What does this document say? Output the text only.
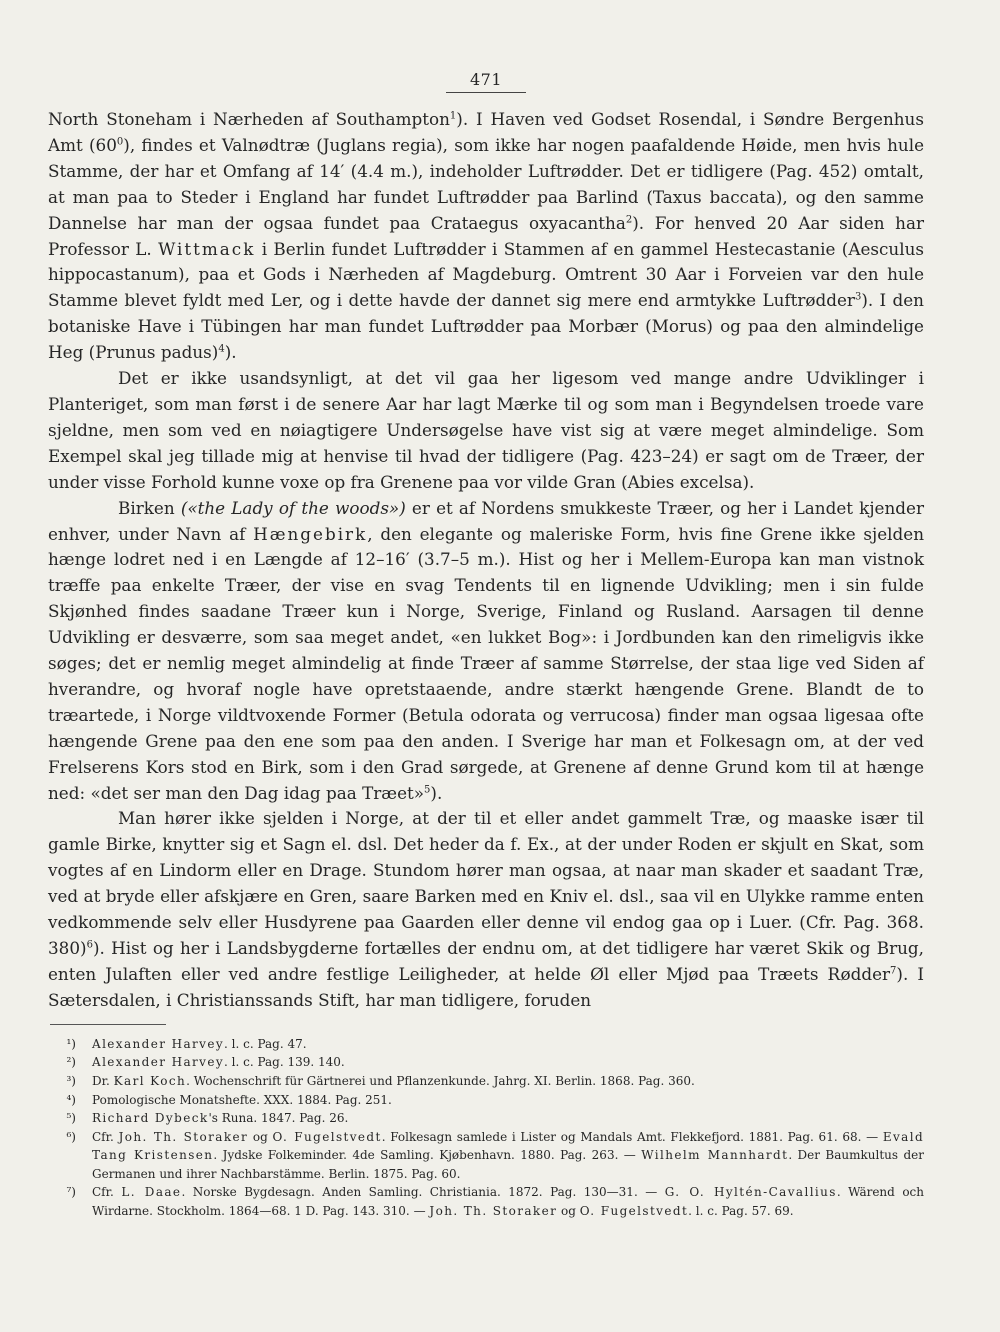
471

North Stoneham i Nærheden af Southampton$^1$). I Haven ved Godset Rosendal, i Søndre Bergenhus Amt $(60^0)$, findes et Valnødtræ (Juglans regia), som ikke har nogen paafaldende Høide, men hvis hule Stamme, der har et Omfang af 14′ (4.4 m.), indeholder Luftrødder. Det er tidligere (Pag. 452) omtalt, at man paa to Steder i England har fundet Luftrødder paa Barlind (Taxus baccata), og den samme Dannelse har man der ogsaa fundet paa Crataegus oxyacantha$^2$). For henved 20 Aar siden har Professor L. Wittmack i Berlin fundet Luftrødder i Stammen af en gammel Hestecastanie (Aesculus hippocastanum), paa et Gods i Nærheden af Magdeburg. Omtrent 30 Aar i Forveien var den hule Stamme blevet fyldt med Ler, og i dette havde der dannet sig mere end armtykke Luftrødder$^3$). I den botaniske Have i Tübingen har man fundet Luftrødder paa Morbær (Morus) og paa den almindelige Heg (Prunus padus)$^4$).

Det er ikke usandsynligt, at det vil gaa her ligesom ved mange andre Udviklinger i Planteriget, som man først i de senere Aar har lagt Mærke til og som man i Begyndelsen troede vare sjeldne, men som ved en nøiagtigere Undersøgelse have vist sig at være meget almindelige. Som Exempel skal jeg tillade mig at henvise til hvad der tidligere (Pag. 423–24) er sagt om de Træer, der under visse Forhold kunne voxe op fra Grenene paa vor vilde Gran (Abies excelsa).

Birken («the Lady of the woods») er et af Nordens smukkeste Træer, og her i Landet kjender enhver, under Navn af Hængebirk, den elegante og maleriske Form, hvis fine Grene ikke sjelden hænge lodret ned i en Længde af 12–16′ (3.7–5 m.). Hist og her i Mellem-Europa kan man vistnok træffe paa enkelte Træer, der vise en svag Tendents til en lignende Udvikling; men i sin fulde Skjønhed findes saadane Træer kun i Norge, Sverige, Finland og Rusland. Aarsagen til denne Udvikling er desværre, som saa meget andet, «en lukket Bog»: i Jordbunden kan den rimeligvis ikke søges; det er nemlig meget almindelig at finde Træer af samme Størrelse, der staa lige ved Siden af hverandre, og hvoraf nogle have opretstaaende, andre stærkt hængende Grene. Blandt de to træartede, i Norge vildtvoxende Former (Betula odorata og verrucosa) finder man ogsaa ligesaa ofte hængende Grene paa den ene som paa den anden. I Sverige har man et Folkesagn om, at der ved Frelserens Kors stod en Birk, som i den Grad sørgede, at Grenene af denne Grund kom til at hænge ned: «det ser man den Dag idag paa Træet»$^5$).

Man hører ikke sjelden i Norge, at der til et eller andet gammelt Træ, og maaske især til gamle Birke, knytter sig et Sagn el. dsl. Det heder da f. Ex., at der under Roden er skjult en Skat, som vogtes af en Lindorm eller en Drage. Stundom hører man ogsaa, at naar man skader et saadant Træ, ved at bryde eller afskjære en Gren, saare Barken med en Kniv el. dsl., saa vil en Ulykke ramme enten vedkommende selv eller Husdyrene paa Gaarden eller denne vil endog gaa op i Luer. (Cfr. Pag. 368. 380)$^6$). Hist og her i Landsbygderne fortælles der endnu om, at det tidligere har været Skik og Brug, enten Julaften eller ved andre festlige Leiligheder, at helde Øl eller Mjød paa Træets Rødder$^7$). I Sætersdalen, i Christianssands Stift, har man tidligere, foruden

¹)	Alexander Harvey. l. c. Pag. 47.
²)	Alexander Harvey. l. c. Pag. 139. 140.
³)	Dr. Karl Koch. Wochenschrift für Gärtnerei und Pflanzenkunde. Jahrg. XI. Berlin. 1868. Pag. 360.
⁴)	Pomologische Monatshefte. XXX. 1884. Pag. 251.
⁵)	Richard Dybeck's Runa. 1847. Pag. 26.
⁶)	Cfr. Joh. Th. Storaker og O. Fugelstvedt. Folkesagn samlede i Lister og Mandals Amt. Flekkefjord. 1881. Pag. 61. 68. — Evald Tang Kristensen. Jydske Folkeminder. 4de Samling. Kjøbenhavn. 1880. Pag. 263. — Wilhelm Mannhardt. Der Baumkultus der Germanen und ihrer Nachbarstämme. Berlin. 1875. Pag. 60.
⁷)	Cfr. L. Daae. Norske Bygdesagn. Anden Samling. Christiania. 1872. Pag. 130—31. — G. O. Hyltén-Cavallius. Wärend och Wirdarne. Stockholm. 1864—68. 1 D. Pag. 143. 310. — Joh. Th. Storaker og O. Fugelstvedt. l. c. Pag. 57. 69.
